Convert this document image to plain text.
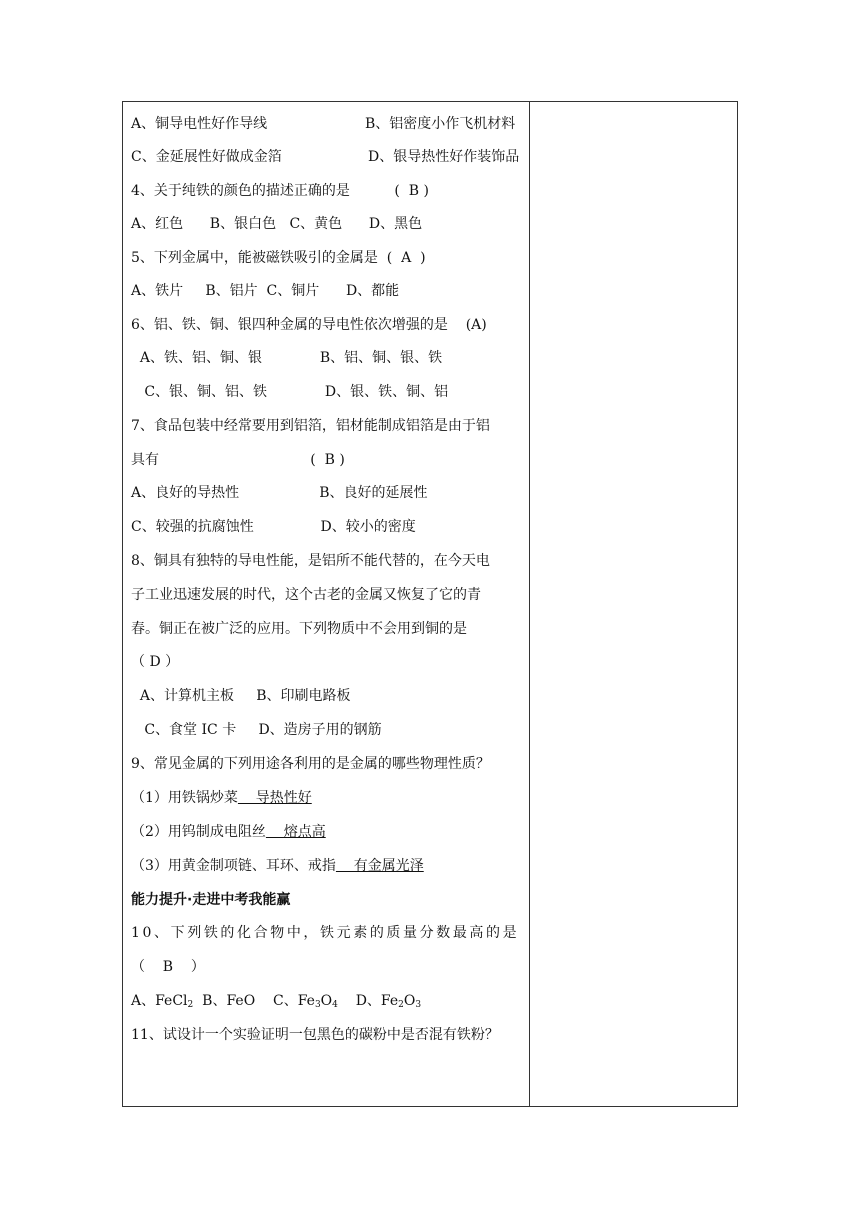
A、铜导电性好作导线	B、铝密度小作飞机材料
C、金延展性好做成金箔	D、银导热性好作装饰品
4、关于纯铁的颜色的描述正确的是          (  B )
A、红色      B、银白色   C、黄色      D、黑色
5、下列金属中，能被磁铁吸引的金属是  (  A  )
A、铁片     B、铝片  C、铜片      D、都能
6、铝、铁、铜、银四种金属的导电性依次增强的是    (A)
A、铁、铝、铜、银             B、铝、铜、银、铁
C、银、铜、铝、铁             D、银、铁、铜、铝
7、食品包装中经常要用到铝箔，铝材能制成铝箔是由于铝
具有                                  (  B )
A、良好的导热性                  B、良好的延展性
C、较强的抗腐蚀性               D、较小的密度
8、铜具有独特的导电性能，是铝所不能代替的，在今天电
子工业迅速发展的时代，这个古老的金属又恢复了它的青
春。铜正在被广泛的应用。下列物质中不会用到铜的是
（ D ）
A、计算机主板     B、印刷电路板
C、食堂 IC 卡     D、造房子用的钢筋
9、常见金属的下列用途各利用的是金属的哪些物理性质？
（1）用铁锅炒菜    导热性好
（2）用钨制成电阻丝    熔点高
（3）用黄金制项链、耳环、戒指    有金属光泽
能力提升·走进中考我能赢
10、下列铁的化合物中，铁元素的质量分数最高的是
（    B    ）
A、FeCl$_2$  B、FeO    C、$Fe_3O_4$    D、$Fe_2O_3$
11、试设计一个实验证明一包黑色的碳粉中是否混有铁粉？
